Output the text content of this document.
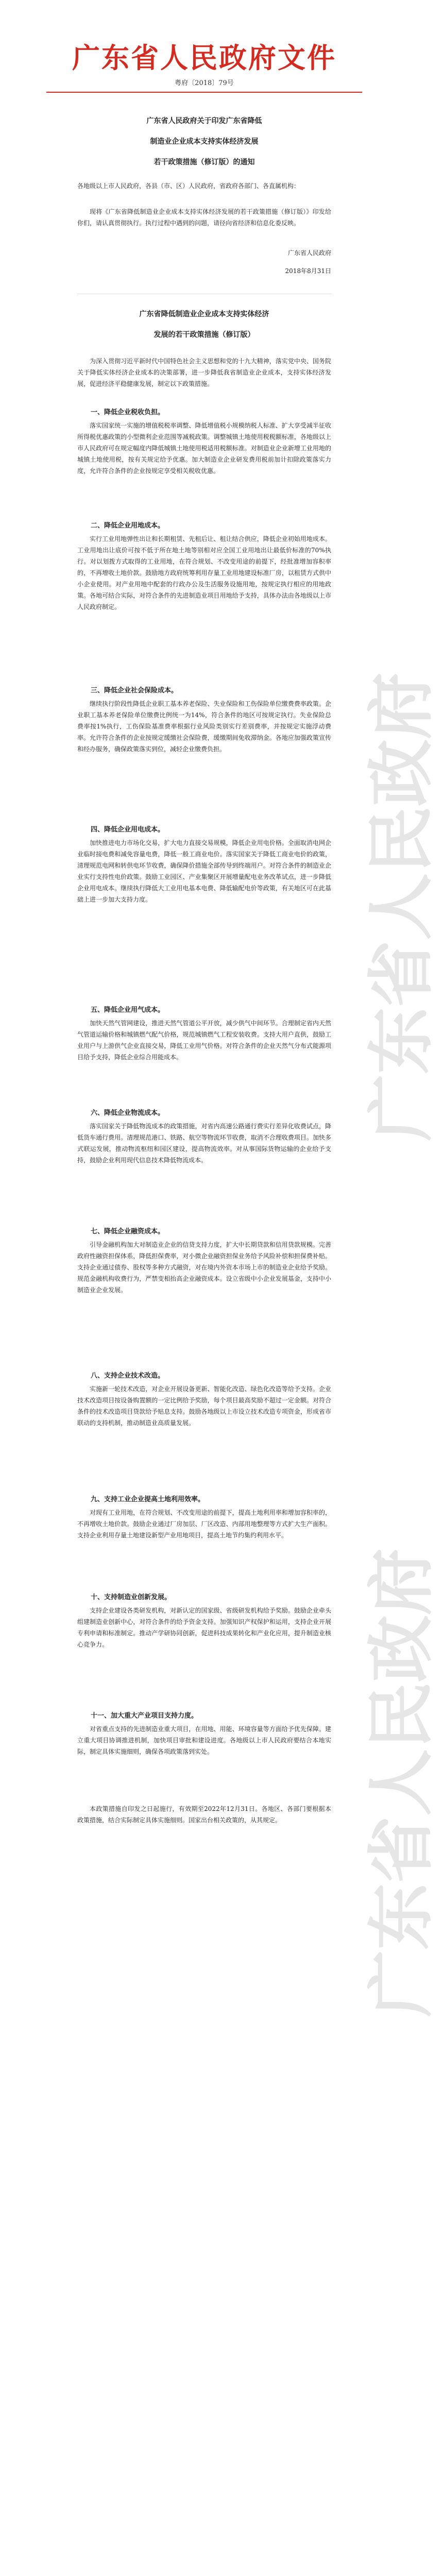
广东省人民政府
广东省人民政府
广东省人民政府文件
粤府〔2018〕79号
广东省人民政府关于印发广东省降低
制造业企业成本支持实体经济发展
若干政策措施（修订版）的通知
各地级以上市人民政府，各县（市、区）人民政府，省政府各部门、各直属机构：
现将《广东省降低制造业企业成本支持实体经济发展的若干政策措施（修订版）》印发给你们，请认真贯彻执行。执行过程中遇到的问题，请径向省经济和信息化委反映。
广东省人民政府
2018年8月31日
广东省降低制造业企业成本支持实体经济
发展的若干政策措施（修订版）
为深入贯彻习近平新时代中国特色社会主义思想和党的十九大精神，落实党中央、国务院关于降低实体经济企业成本的决策部署，进一步降低我省制造业企业成本，支持实体经济发展，促进经济平稳健康发展，制定以下政策措施。
一、降低企业税收负担。
落实国家统一实施的增值税税率调整、降低增值税小规模纳税人标准、扩大享受减半征收所得税优惠政策的小型微利企业范围等减税政策。调整城镇土地使用税税额标准，各地级以上市人民政府可在规定幅度内降低城镇土地使用税适用税额标准。对制造业企业新增工业用地的城镇土地使用税，按有关规定给予优惠。加大制造业企业研发费用税前加计扣除政策落实力度，允许符合条件的企业按规定享受相关税收优惠。
二、降低企业用地成本。
实行工业用地弹性出让和长期租赁、先租后让、租让结合供应，降低企业初始用地成本。工业用地出让底价可按不低于所在地土地等别相对应全国工业用地出让最低价标准的70%执行。对以划拨方式取得的工业用地，在符合规划、不改变用途的前提下，经批准增加容积率的，不再增收土地价款。鼓励地方政府统筹利用存量工业用地建设标准厂房，以租赁方式供中小企业使用。对产业用地中配套的行政办公及生活服务设施用地，按规定执行相应的用地政策。各地可结合实际，对符合条件的先进制造业项目用地给予支持，具体办法由各地级以上市人民政府制定。
三、降低企业社会保险成本。
继续执行阶段性降低企业职工基本养老保险、失业保险和工伤保险单位缴费费率政策。企业职工基本养老保险单位缴费比例统一为14%，符合条件的地区可按规定执行。失业保险总费率按1%执行，工伤保险基准费率根据行业风险类别实行差别费率，并按规定实施浮动费率。允许符合条件的企业按规定缓缴社会保险费，缓缴期间免收滞纳金。各地应加强政策宣传和经办服务，确保政策落实到位，减轻企业缴费负担。
四、降低企业用电成本。
加快推进电力市场化交易，扩大电力直接交易规模，降低企业用电价格。全面取消电网企业临时接电费和减免容量电费，降低一般工商业电价。落实国家关于降低工商业电价的政策，清理规范电网和转供电环节收费，确保降价措施全部传导到终端用户。对符合条件的制造业企业实行支持性电价政策。鼓励工业园区、产业集聚区开展增量配电业务改革试点，进一步降低企业用电成本。继续执行降低大工业用电基本电费、降低输配电价等政策，有关地区可在此基础上进一步加大支持力度。
五、降低企业用气成本。
加快天然气管网建设，推进天然气管道公平开放，减少供气中间环节。合理制定省内天然气管道运输价格和城镇燃气配气价格，规范城镇燃气工程安装收费。支持大用户直供，鼓励工业用户与上游供气企业直接交易，降低工业用气价格。对符合条件的企业天然气分布式能源项目给予支持，降低企业综合用能成本。
六、降低企业物流成本。
落实国家关于降低物流成本的政策措施，对省内高速公路通行费实行差异化收费试点，降低货车通行费用。清理规范港口、铁路、航空等物流环节收费，取消不合理收费项目。加快多式联运发展，推动物流枢纽和园区建设，提高物流效率。对从事国际货物运输的企业给予支持，鼓励企业利用现代信息技术降低物流成本。
七、降低企业融资成本。
引导金融机构加大对制造业企业的信贷支持力度，扩大中长期贷款和信用贷款规模。完善政府性融资担保体系，降低担保费率，对小微企业融资担保业务给予风险补偿和担保费补贴。支持企业通过债券、股权等多种方式融资，对在境内外资本市场上市的制造业企业给予奖励。规范金融机构收费行为，严禁变相抬高企业融资成本。设立省级中小企业发展基金，支持中小制造业企业发展。
八、支持企业技术改造。
实施新一轮技术改造，对企业开展设备更新、智能化改造、绿色化改造等给予支持。企业技术改造项目按设备购置额的一定比例给予奖励，每个项目最高奖励不超过一定金额。对符合条件的技术改造项目贷款给予贴息支持。鼓励各地级以上市设立技术改造专项资金，形成省市联动的支持机制，推动制造业高质量发展。
九、支持工业企业提高土地利用效率。
对现有工业用地，在符合规划、不改变用途的前提下，提高土地利用率和增加容积率的，不再增收土地价款。鼓励企业通过厂房加层、厂区改造、内部用地整理等方式扩大生产面积。支持企业利用存量土地建设新型产业用地项目，提高土地节约集约利用水平。
十、支持制造业创新发展。
支持企业建设各类研发机构，对新认定的国家级、省级研发机构给予奖励。鼓励企业牵头组建制造业创新中心，对符合条件的给予资金支持。加强知识产权保护和运用，支持企业开展专利申请和标准制定。推动产学研协同创新，促进科技成果转化和产业化应用，提升制造业核心竞争力。
十一、加大重大产业项目支持力度。
对省重点支持的先进制造业重大项目，在用地、用能、环境容量等方面给予优先保障。建立重大项目协调推进机制，加快项目审批和建设进度。各地级以上市人民政府要结合本地实际，制定具体实施细则，确保各项政策落到实处。
本政策措施自印发之日起施行，有效期至2022年12月31日。各地区、各部门要根据本政策措施，结合实际制定具体实施细则。国家出台相关政策的，从其规定。
